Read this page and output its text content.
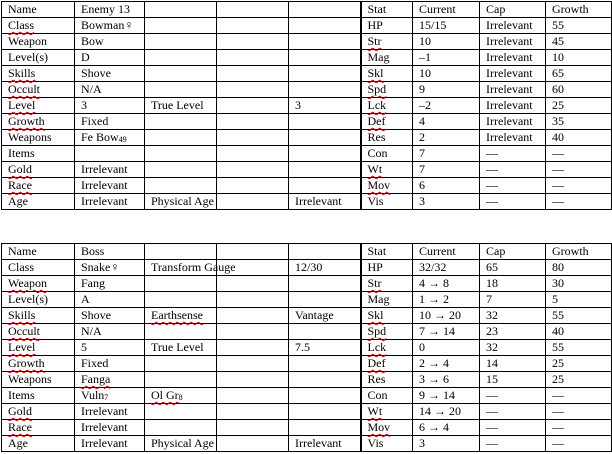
Name	Enemy 13				Stat	Current	Cap	Growth
Class	Bowman♀				HP	15/15	Irrelevant	55
Weapon	Bow				Str	10	Irrelevant	45
Level(s)	D				Mag	–1	Irrelevant	10
Skills	Shove				Skl	10	Irrelevant	65
Occult	N/A				Spd	9	Irrelevant	60
Level	3	True Level		3	Lck	–2	Irrelevant	25
Growth	Fixed				Def	4	Irrelevant	35
Weapons	Fe Bow$_{49}$				Res	2	Irrelevant	40
Items					Con	7	—	—
Gold	Irrelevant				Wt	7	—	—
Race	Irrelevant				Mov	6	—	—
Age	Irrelevant	Physical Age		Irrelevant	Vis	3	—	—
Name	Boss				Stat	Current	Cap	Growth
Class	Snake♀	Transform Gauge		12/30	HP	32/32	65	80
Weapon	Fang				Str	4 → 8	18	30
Level(s)	A				Mag	1 → 2	7	5
Skills	Shove	Earthsense		Vantage	Skl	10 → 20	32	55
Occult	N/A				Spd	7 → 14	23	40
Level	5	True Level		7.5	Lck	0	32	55
Growth	Fixed				Def	2 → 4	14	25
Weapons	Fanga				Res	3 → 6	15	25
Items	Vuln$_7$	Ol $Gr_8$			Con	9 → 14	—	—
Gold	Irrelevant				Wt	14 → 20	—	—
Race	Irrelevant				Mov	6 → 4	—	—
Age	Irrelevant	Physical Age		Irrelevant	Vis	3	—	—
